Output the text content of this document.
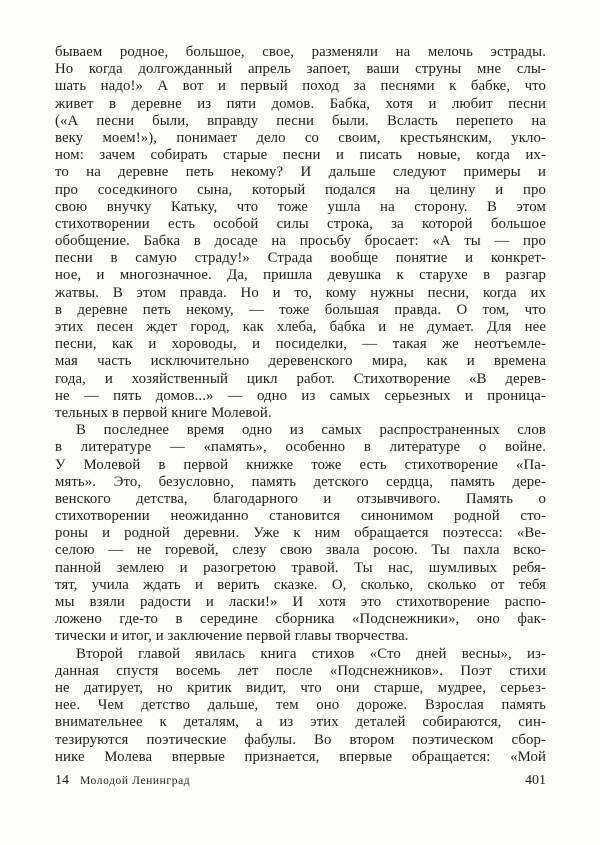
бываем родное, большое, свое, разменяли на мелочь эстрады.
Но когда долгожданный апрель запоет, ваши струны мне слы-
шать надо!» А вот и первый поход за песнями к бабке, что
живет в деревне из пяти домов. Бабка, хотя и любит песни
(«А песни были, вправду песни были. Всласть перепето на
веку моем!»), понимает дело со своим, крестьянским, укло-
ном: зачем собирать старые песни и писать новые, когда их-
то на деревне петь некому? И дальше следуют примеры и
про соседкиного сына, который подался на целину и про
свою внучку Катьку, что тоже ушла на сторону. В этом
стихотворении есть особой силы строка, за которой большое
обобщение. Бабка в досаде на просьбу бросает: «А ты — про
песни в самую страду!» Страда вообще понятие и конкрет-
ное, и многозначное. Да, пришла девушка к старухе в разгар
жатвы. В этом правда. Но и то, кому нужны песни, когда их
в деревне петь некому, — тоже большая правда. О том, что
этих песен ждет город, как хлеба, бабка и не думает. Для нее
песни, как и хороводы, и посиделки, — такая же неотъемле-
мая часть исключительно деревенского мира, как и времена
года, и хозяйственный цикл работ. Стихотворение «В дерев-
не — пять домов...» — одно из самых серьезных и проница-
тельных в первой книге Молевой.
В последнее время одно из самых распространенных слов
в литературе — «память», особенно в литературе о войне.
У Молевой в первой книжке тоже есть стихотворение «Па-
мять». Это, безусловно, память детского сердца, память дере-
венского детства, благодарного и отзывчивого. Память о
стихотворении неожиданно становится синонимом родной сто-
роны и родной деревни. Уже к ним обращается поэтесса: «Ве-
селою — не горевой, слезу свою звала росою. Ты пахла вско-
панной землею и разогретою травой. Ты нас, шумливых ребя-
тят, учила ждать и верить сказке. О, сколько, сколько от тебя
мы взяли радости и ласки!» И хотя это стихотворение распо-
ложено где-то в середине сборника «Подснежники», оно фак-
тически и итог, и заключение первой главы творчества.
Второй главой явилась книга стихов «Сто дней весны», из-
данная спустя восемь лет после «Подснежников». Поэт стихи
не датирует, но критик видит, что они старше, мудрее, серьез-
нее. Чем детство дальше, тем оно дороже. Взрослая память
внимательнее к деталям, а из этих деталей собираются, син-
тезируются поэтические фабулы. Во втором поэтическом сбор-
нике Молева впервые признается, впервые обращается: «Мой
14 Молодой Ленинград	401
